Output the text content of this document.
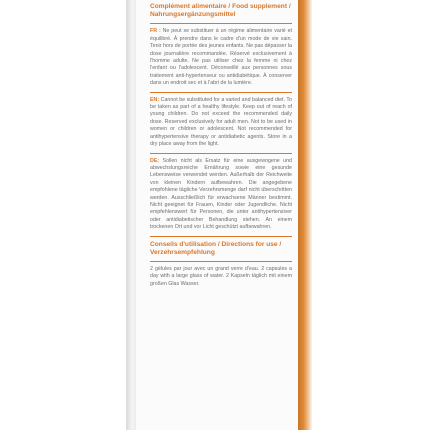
Complément alimentaire / Food supplement / Nahrungsergänzungsmittel

FR : Ne peut se substituer à un régime alimentaire varié et équilibré. À prendre dans le cadre d'un mode de vie sain. Tenir hors de portée des jeunes enfants. Ne pas dépasser la dose journalière recommandée. Réservé exclusivement à l'homme adulte. Ne pas utiliser chez la femme ni chez l'enfant ou l'adolescent. Déconseillé aux personnes sous traitement anti-hypertenseur ou antidiabétique. À conserver dans un endroit sec et à l'abri de la lumière.

EN: Cannot be substituted for a varied and balanced diet. To be taken as part of a healthy lifestyle. Keep out of reach of young children. Do not exceed the recommended daily dose. Reserved exclusively for adult men. Not to be used in women or children or adolescent. Not recommended for antihypertensive therapy or antidiabetic agents. Store in a dry place away from the light.

DE: Sollen nicht als Ersatz für eine ausgewogene und abwechslungsreiche Ernährung sowie eine gesunde Lebensweise verwendet werden. Außerhalb der Reichweite von kleinen Kindern aufbewahren. Die angegebene empfohlene tägliche Verzehrsmenge darf nicht überschritten werden. Ausschließlich für erwachsene Männer bestimmt. Nicht geeignet für Frauen, Kinder oder Jugendliche. Nicht empfehlenswert für Personen, die unter antihypertensiver oder antidiabetischer Behandlung stehen. An einem trockenen Ort und vor Licht geschützt aufbewahren.

Conseils d'utilisation / Directions for use / Verzehrsempfehlung

2 gélules par jour avec un grand verre d'eau. 2 capsules a day with a large glass of water. 2 Kapseln täglich mit einem großen Glas Wasser.
